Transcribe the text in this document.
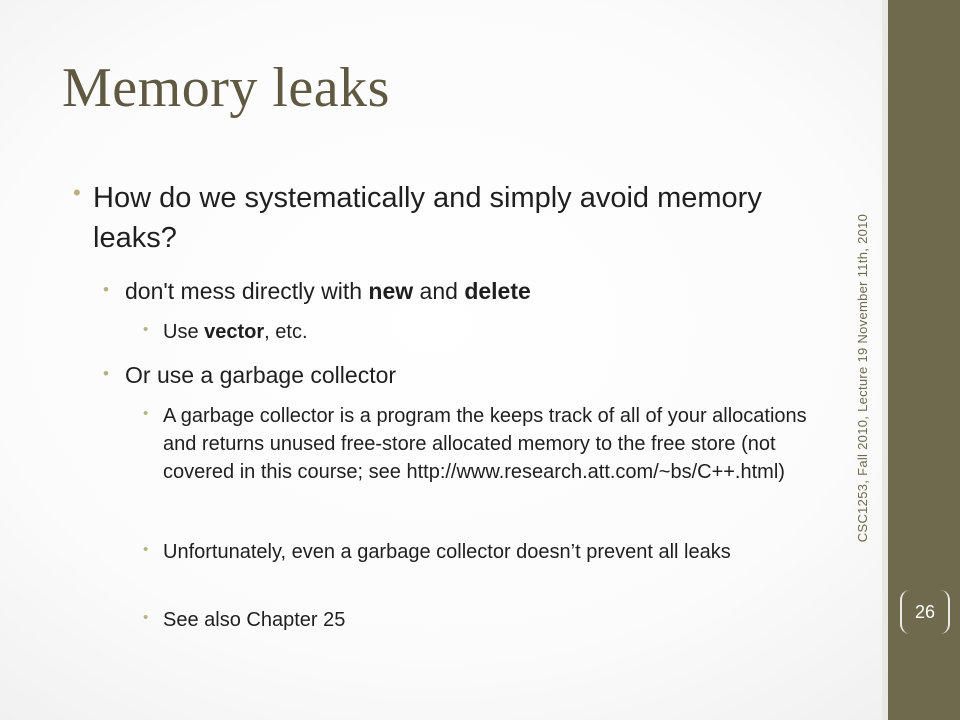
Memory leaks
• How do we systematically and simply avoid memory leaks?

• don't mess directly with new and delete

• Use vector, etc.

• Or use a garbage collector

• A garbage collector is a program the keeps track of all of your allocations and returns unused free-store allocated memory to the free store (not covered in this course; see http://www.research.att.com/~bs/C++.html)

• Unfortunately, even a garbage collector doesn’t prevent all leaks

• See also Chapter 25

CSC1253, Fall 2010, Lecture 19 November 11th, 2010
26
